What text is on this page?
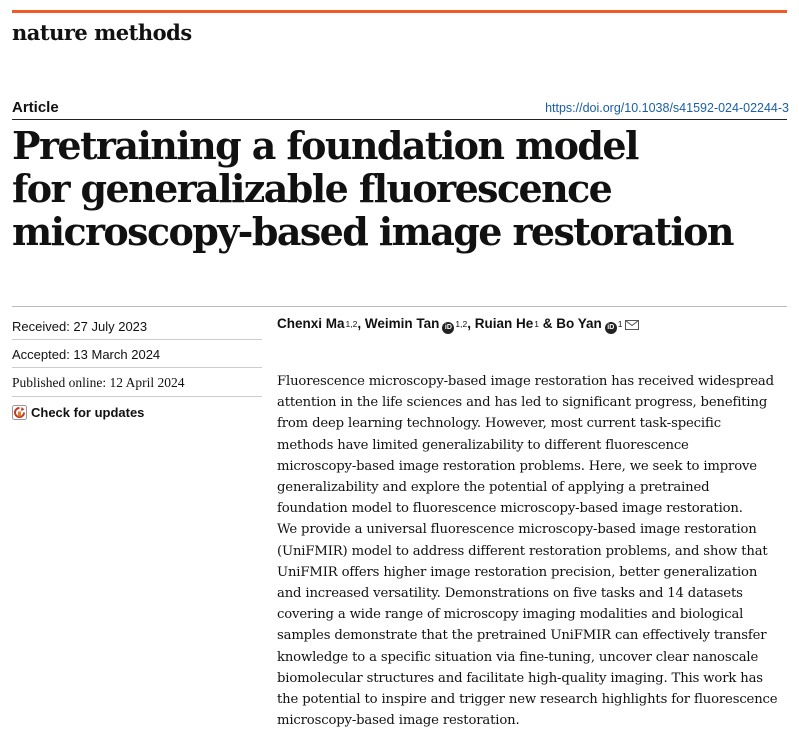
nature methods
Article	https://doi.org/10.1038/s41592-024-02244-3
Pretraining a foundation model
for generalizable fluorescence
microscopy-based image restoration
Received: 27 July 2023
Accepted: 13 March 2024
Published online: 12 April 2024
Check for updates
Chenxi Ma$^{1,2}$ , Weimin Tan iD $^{1,2}$ , Ruian He$^1$ & Bo Yan iD $^1$
Fluorescence microscopy-based image restoration has received widespread
attention in the life sciences and has led to significant progress, benefiting
from deep learning technology. However, most current task-specific
methods have limited generalizability to different fluorescence
microscopy-based image restoration problems. Here, we seek to improve
generalizability and explore the potential of applying a pretrained
foundation model to fluorescence microscopy-based image restoration.
We provide a universal fluorescence microscopy-based image restoration
(UniFMIR) model to address different restoration problems, and show that
UniFMIR offers higher image restoration precision, better generalization
and increased versatility. Demonstrations on five tasks and 14 datasets
covering a wide range of microscopy imaging modalities and biological
samples demonstrate that the pretrained UniFMIR can effectively transfer
knowledge to a specific situation via fine-tuning, uncover clear nanoscale
biomolecular structures and facilitate high-quality imaging. This work has
the potential to inspire and trigger new research highlights for fluorescence
microscopy-based image restoration.
